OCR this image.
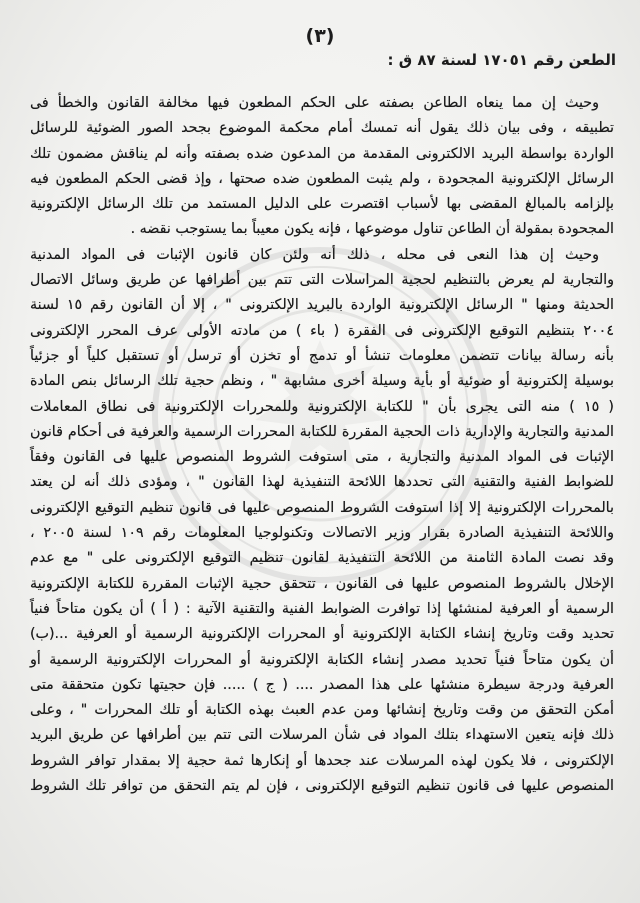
(٣)
الطعن رقم ١٧٠٥١ لسنة ٨٧ ق :
وحيث إن مما ينعاه الطاعن بصفته على الحكم المطعون فيها مخالفة القانون والخطأ فى
تطبيقه ، وفى بيان ذلك يقول أنه تمسك أمام محكمة الموضوع بجحد الصور الضوئية للرسائل
الواردة بواسطة البريد الالكترونى المقدمة من المدعون ضده بصفته وأنه لم يناقش مضمون تلك
الرسائل الإلكترونية المجحودة ، ولم يثبت المطعون ضده صحتها ، وإذ قضى الحكم المطعون فيه
بإلزامه بالمبالغ المقضى بها لأسباب اقتصرت على الدليل المستمد من تلك الرسائل الإلكترونية
المجحودة بمقولة أن الطاعن تناول موضوعها ، فإنه يكون معيباً بما يستوجب نقضه .
وحيث إن هذا النعى فى محله ، ذلك أنه ولئن كان قانون الإثبات فى المواد المدنية
والتجارية لم يعرض بالتنظيم لحجية المراسلات التى تتم بين أطرافها عن طريق وسائل الاتصال
الحديثة ومنها " الرسائل الإلكترونية الواردة بالبريد الإلكترونى " ، إلا أن القانون رقم ١٥ لسنة
٢٠٠٤ بتنظيم التوقيع الإلكترونى فى الفقرة ( باء ) من مادته الأولى عرف المحرر الإلكترونى
بأنه رسالة بيانات تتضمن معلومات تنشأ أو تدمج أو تخزن أو ترسل أو تستقبل كلياً أو جزئياً
بوسيلة إلكترونية أو ضوئية أو بأية وسيلة أخرى مشابهة " ، ونظم حجية تلك الرسائل بنص المادة
( ١٥ ) منه التى يجرى بأن " للكتابة الإلكترونية وللمحررات الإلكترونية فى نطاق المعاملات
المدنية والتجارية والإدارية ذات الحجية المقررة للكتابة المحررات الرسمية والعرفية فى أحكام قانون
الإثبات فى المواد المدنية والتجارية ، متى استوفت الشروط المنصوص عليها فى القانون وفقاً
للضوابط الفنية والتقنية التى تحددها اللائحة التنفيذية لهذا القانون " ، ومؤدى ذلك أنه لن يعتد
بالمحررات الإلكترونية إلا إذا استوفت الشروط المنصوص عليها فى قانون تنظيم التوقيع الإلكترونى
واللائحة التنفيذية الصادرة بقرار وزير الاتصالات وتكنولوجيا المعلومات رقم ١٠٩ لسنة ٢٠٠٥ ،
وقد نصت المادة الثامنة من اللائحة التنفيذية لقانون تنظيم التوقيع الإلكترونى على " مع عدم
الإخلال بالشروط المنصوص عليها فى القانون ، تتحقق حجية الإثبات المقررة للكتابة الإلكترونية
الرسمية أو العرفية لمنشئها إذا توافرت الضوابط الفنية والتقنية الآتية : ( أ ) أن يكون متاحاً فنياً
تحديد وقت وتاريخ إنشاء الكتابة الإلكترونية أو المحررات الإلكترونية الرسمية أو العرفية ...(ب)
أن يكون متاحاً فنياً تحديد مصدر إنشاء الكتابة الإلكترونية أو المحررات الإلكترونية الرسمية أو
العرفية ودرجة سيطرة منشئها على هذا المصدر .... ( ج ) ..... فإن حجيتها تكون متحققة متى
أمكن التحقق من وقت وتاريخ إنشائها ومن عدم العبث بهذه الكتابة أو تلك المحررات " ، وعلى
ذلك فإنه يتعين الاستهداء بتلك المواد فى شأن المرسلات التى تتم بين أطرافها عن طريق البريد
الإلكترونى ، فلا يكون لهذه المرسلات عند جحدها أو إنكارها ثمة حجية إلا بمقدار توافر الشروط
المنصوص عليها فى قانون تنظيم التوقيع الإلكترونى ، فإن لم يتم التحقق من توافر تلك الشروط
